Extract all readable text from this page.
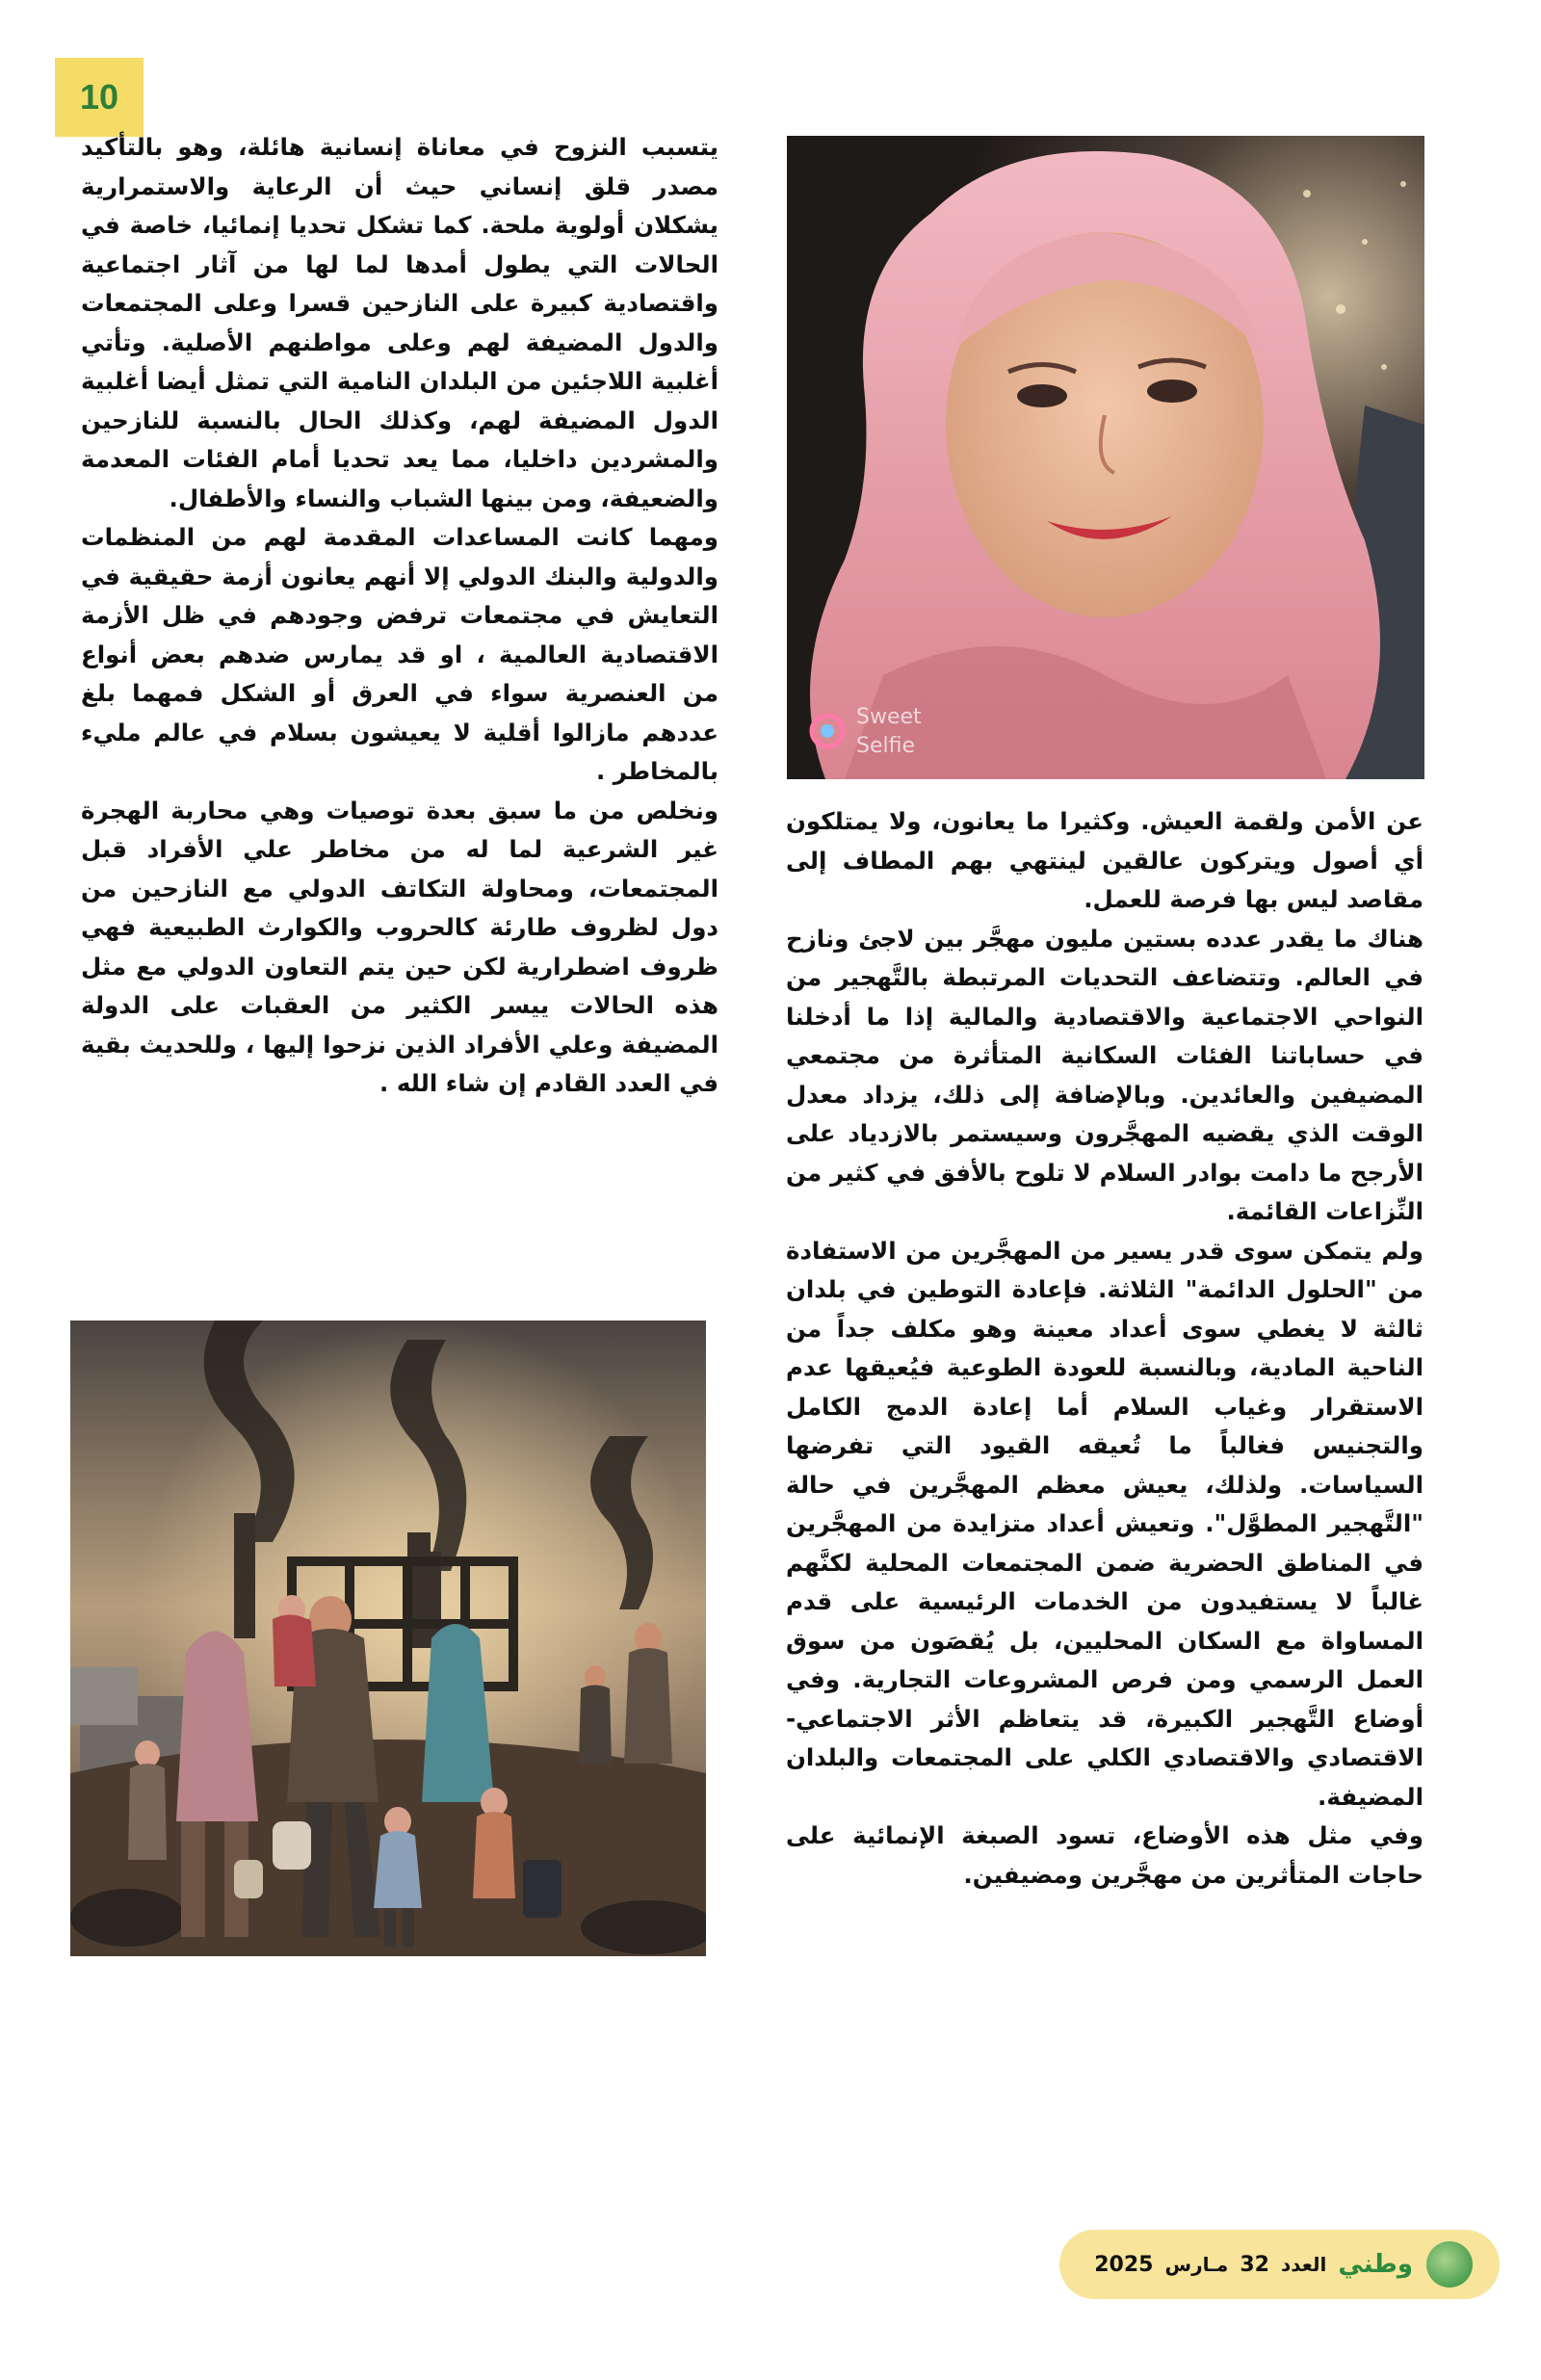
10
Sweet
Selfie

يتسبب النزوح في معاناة إنسانية هائلة، وهو بالتأكيد مصدر قلق إنساني حيث أن الرعاية والاستمرارية يشكلان أولوية ملحة. كما تشكل تحديا إنمائيا، خاصة في الحالات التي يطول أمدها لما لها من آثار اجتماعية واقتصادية كبيرة على النازحين قسرا وعلى المجتمعات والدول المضيفة لهم وعلى مواطنهم الأصلية. وتأتي أغلبية اللاجئين من البلدان النامية التي تمثل أيضا أغلبية الدول المضيفة لهم، وكذلك الحال بالنسبة للنازحين والمشردين داخليا، مما يعد تحديا أمام الفئات المعدمة والضعيفة، ومن بينها الشباب والنساء والأطفال.

ومهما كانت المساعدات المقدمة لهم من المنظمات والدولية والبنك الدولي إلا أنهم يعانون أزمة حقيقية في التعايش في مجتمعات ترفض وجودهم في ظل الأزمة الاقتصادية العالمية ، او قد يمارس ضدهم بعض أنواع من العنصرية سواء في العرق أو الشكل فمهما بلغ عددهم مازالوا أقلية لا يعيشون بسلام في عالم مليء بالمخاطر .

ونخلص من ما سبق بعدة توصيات وهي محاربة الهجرة غير الشرعية لما له من مخاطر علي الأفراد قبل المجتمعات، ومحاولة التكاتف الدولي مع النازحين من دول لظروف طارئة كالحروب والكوارث الطبيعية فهي ظروف اضطرارية لكن حين يتم التعاون الدولي مع مثل هذه الحالات ييسر الكثير من العقبات على الدولة المضيفة وعلي الأفراد الذين نزحوا إليها ، وللحديث بقية في العدد القادم إن شاء الله .

عن الأمن ولقمة العيش. وكثيرا ما يعانون، ولا يمتلكون أي أصول ويتركون عالقين لينتهي بهم المطاف إلى مقاصد ليس بها فرصة للعمل.

هناك ما يقدر عدده بستين مليون مهجَّر بين لاجئ ونازح في العالم. وتتضاعف التحديات المرتبطة بالتَّهجير من النواحي الاجتماعية والاقتصادية والمالية إذا ما أدخلنا في حساباتنا الفئات السكانية المتأثرة من مجتمعي المضيفين والعائدين. وبالإضافة إلى ذلك، يزداد معدل الوقت الذي يقضيه المهجَّرون وسيستمر بالازدياد على الأرجح ما دامت بوادر السلام لا تلوح بالأفق في كثير من النِّزاعات القائمة.

ولم يتمكن سوى قدر يسير من المهجَّرين من الاستفادة من "الحلول الدائمة" الثلاثة. فإعادة التوطين في بلدان ثالثة لا يغطي سوى أعداد معينة وهو مكلف جداً من الناحية المادية، وبالنسبة للعودة الطوعية فيُعيقها عدم الاستقرار وغياب السلام أما إعادة الدمج الكامل والتجنيس فغالباً ما تُعيقه القيود التي تفرضها السياسات. ولذلك، يعيش معظم المهجَّرين في حالة "التَّهجير المطوَّل". وتعيش أعداد متزايدة من المهجَّرين في المناطق الحضرية ضمن المجتمعات المحلية لكنَّهم غالباً لا يستفيدون من الخدمات الرئيسية على قدم المساواة مع السكان المحليين، بل يُقصَون من سوق العمل الرسمي ومن فرص المشروعات التجارية. وفي أوضاع التَّهجير الكبيرة، قد يتعاظم الأثر الاجتماعي-الاقتصادي والاقتصادي الكلي على المجتمعات والبلدان المضيفة.

وفي مثل هذه الأوضاع، تسود الصبغة الإنمائية على حاجات المتأثرين من مهجَّرين ومضيفين.

2025 مـارس 32 العدد وطني
